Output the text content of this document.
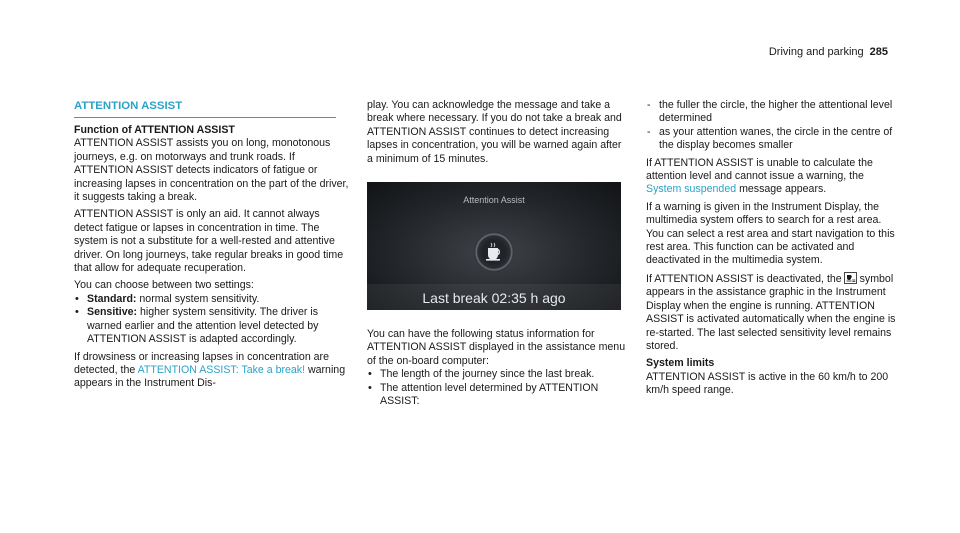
Driving and parking 285
ATTENTION ASSIST

Function of ATTENTION ASSIST

ATTENTION ASSIST assists you on long, monotonous journeys, e.g. on motorways and trunk roads. If ATTENTION ASSIST detects indicators of fatigue or increasing lapses in concentration on the part of the driver, it suggests taking a break.

ATTENTION ASSIST is only an aid. It cannot always detect fatigue or lapses in concentration in time. The system is not a substitute for a well-rested and attentive driver. On long journeys, take regular breaks in good time that allow for adequate recuperation.

You can choose between two settings:

• Standard: normal system sensitivity.
• Sensitive: higher system sensitivity. The driver is warned earlier and the attention level detected by ATTENTION ASSIST is adapted accordingly.

If drowsiness or increasing lapses in concentration are detected, the ATTENTION ASSIST: Take a break! warning appears in the Instrument Dis-

play. You can acknowledge the message and take a break where necessary. If you do not take a break and ATTENTION ASSIST continues to detect increasing lapses in concentration, you will be warned again after a minimum of 15 minutes.

Attention Assist
Last break 02:35 h ago

You can have the following status information for ATTENTION ASSIST displayed in the assistance menu of the on-board computer:

• The length of the journey since the last break.
• The attention level determined by ATTENTION ASSIST:
- the fuller the circle, the higher the attentional level determined
- as your attention wanes, the circle in the centre of the display becomes smaller

If ATTENTION ASSIST is unable to calculate the attention level and cannot issue a warning, the System suspended message appears.

If a warning is given in the Instrument Display, the multimedia system offers to search for a rest area. You can select a rest area and start navigation to this rest area. This function can be activated and deactivated in the multimedia system.

If ATTENTION ASSIST is deactivated, the symbol appears in the assistance graphic in the Instrument Display when the engine is running. ATTENTION ASSIST is activated automatically when the engine is re-started. The last selected sensitivity level remains stored.

System limits

ATTENTION ASSIST is active in the 60 km/h to 200 km/h speed range.
